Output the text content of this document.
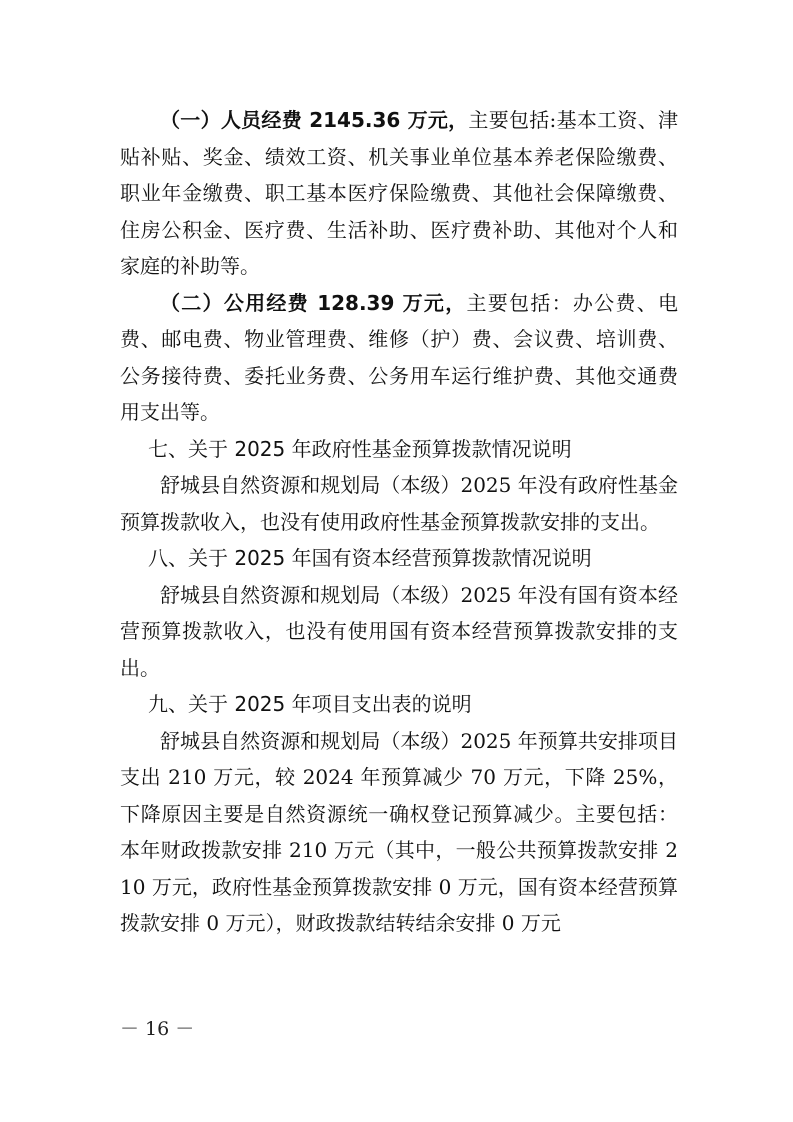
（一）人员经费 2145.36 万元，主要包括:基本工资、津贴补贴、奖金、绩效工资、机关事业单位基本养老保险缴费、职业年金缴费、职工基本医疗保险缴费、其他社会保障缴费、住房公积金、医疗费、生活补助、医疗费补助、其他对个人和家庭的补助等。

（二）公用经费 128.39 万元，主要包括：办公费、电费、邮电费、物业管理费、维修（护）费、会议费、培训费、公务接待费、委托业务费、公务用车运行维护费、其他交通费用支出等。

七、关于 2025 年政府性基金预算拨款情况说明

舒城县自然资源和规划局（本级）2025 年没有政府性基金预算拨款收入，也没有使用政府性基金预算拨款安排的支出。

八、关于 2025 年国有资本经营预算拨款情况说明

舒城县自然资源和规划局（本级）2025 年没有国有资本经营预算拨款收入，也没有使用国有资本经营预算拨款安排的支出。

九、关于 2025 年项目支出表的说明

舒城县自然资源和规划局（本级）2025 年预算共安排项目支出 210 万元，较 2024 年预算减少 70 万元，下降 25%，下降原因主要是自然资源统一确权登记预算减少。主要包括：本年财政拨款安排 210 万元（其中，一般公共预算拨款安排 210 万元，政府性基金预算拨款安排 0 万元，国有资本经营预算拨款安排 0 万元），财政拨款结转结余安排 0 万元

－ 16 －
